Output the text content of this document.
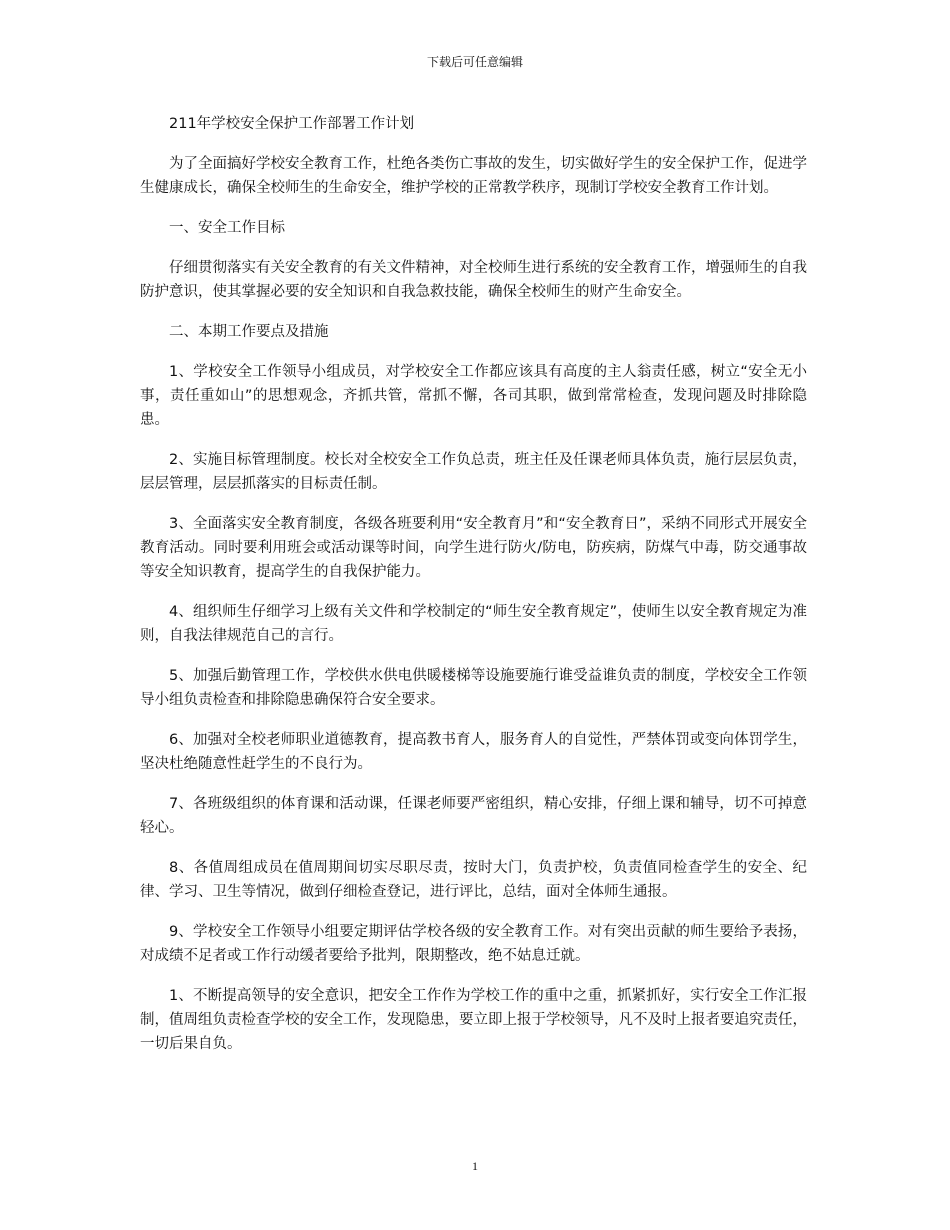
下载后可任意编辑

211年学校安全保护工作部署工作计划

为了全面搞好学校安全教育工作，杜绝各类伤亡事故的发生，切实做好学生的安全保护工作，促进学生健康成长，确保全校师生的生命安全，维护学校的正常教学秩序，现制订学校安全教育工作计划。

一、安全工作目标

仔细贯彻落实有关安全教育的有关文件精神，对全校师生进行系统的安全教育工作，增强师生的自我防护意识，使其掌握必要的安全知识和自我急救技能，确保全校师生的财产生命安全。

二、本期工作要点及措施

1、学校安全工作领导小组成员，对学校安全工作都应该具有高度的主人翁责任感，树立“安全无小事，责任重如山”的思想观念，齐抓共管，常抓不懈，各司其职，做到常常检查，发现问题及时排除隐患。

2、实施目标管理制度。校长对全校安全工作负总责，班主任及任课老师具体负责，施行层层负责，层层管理，层层抓落实的目标责任制。

3、全面落实安全教育制度，各级各班要利用“安全教育月”和“安全教育日”，采纳不同形式开展安全教育活动。同时要利用班会或活动课等时间，向学生进行防火/防电，防疾病，防煤气中毒，防交通事故等安全知识教育，提高学生的自我保护能力。

4、组织师生仔细学习上级有关文件和学校制定的“师生安全教育规定”，使师生以安全教育规定为准则，自我法律规范自己的言行。

5、加强后勤管理工作，学校供水供电供暖楼梯等设施要施行谁受益谁负责的制度，学校安全工作领导小组负责检查和排除隐患确保符合安全要求。

6、加强对全校老师职业道德教育，提高教书育人，服务育人的自觉性，严禁体罚或变向体罚学生，坚决杜绝随意性赶学生的不良行为。

7、各班级组织的体育课和活动课，任课老师要严密组织，精心安排，仔细上课和辅导，切不可掉意轻心。

8、各值周组成员在值周期间切实尽职尽责，按时大门，负责护校，负责值同检查学生的安全、纪律、学习、卫生等情况，做到仔细检查登记，进行评比，总结，面对全体师生通报。

9、学校安全工作领导小组要定期评估学校各级的安全教育工作。对有突出贡献的师生要给予表扬，对成绩不足者或工作行动缓者要给予批判，限期整改，绝不姑息迁就。

1、不断提高领导的安全意识，把安全工作作为学校工作的重中之重，抓紧抓好，实行安全工作汇报制，值周组负责检查学校的安全工作，发现隐患，要立即上报于学校领导，凡不及时上报者要追究责任，一切后果自负。

1
